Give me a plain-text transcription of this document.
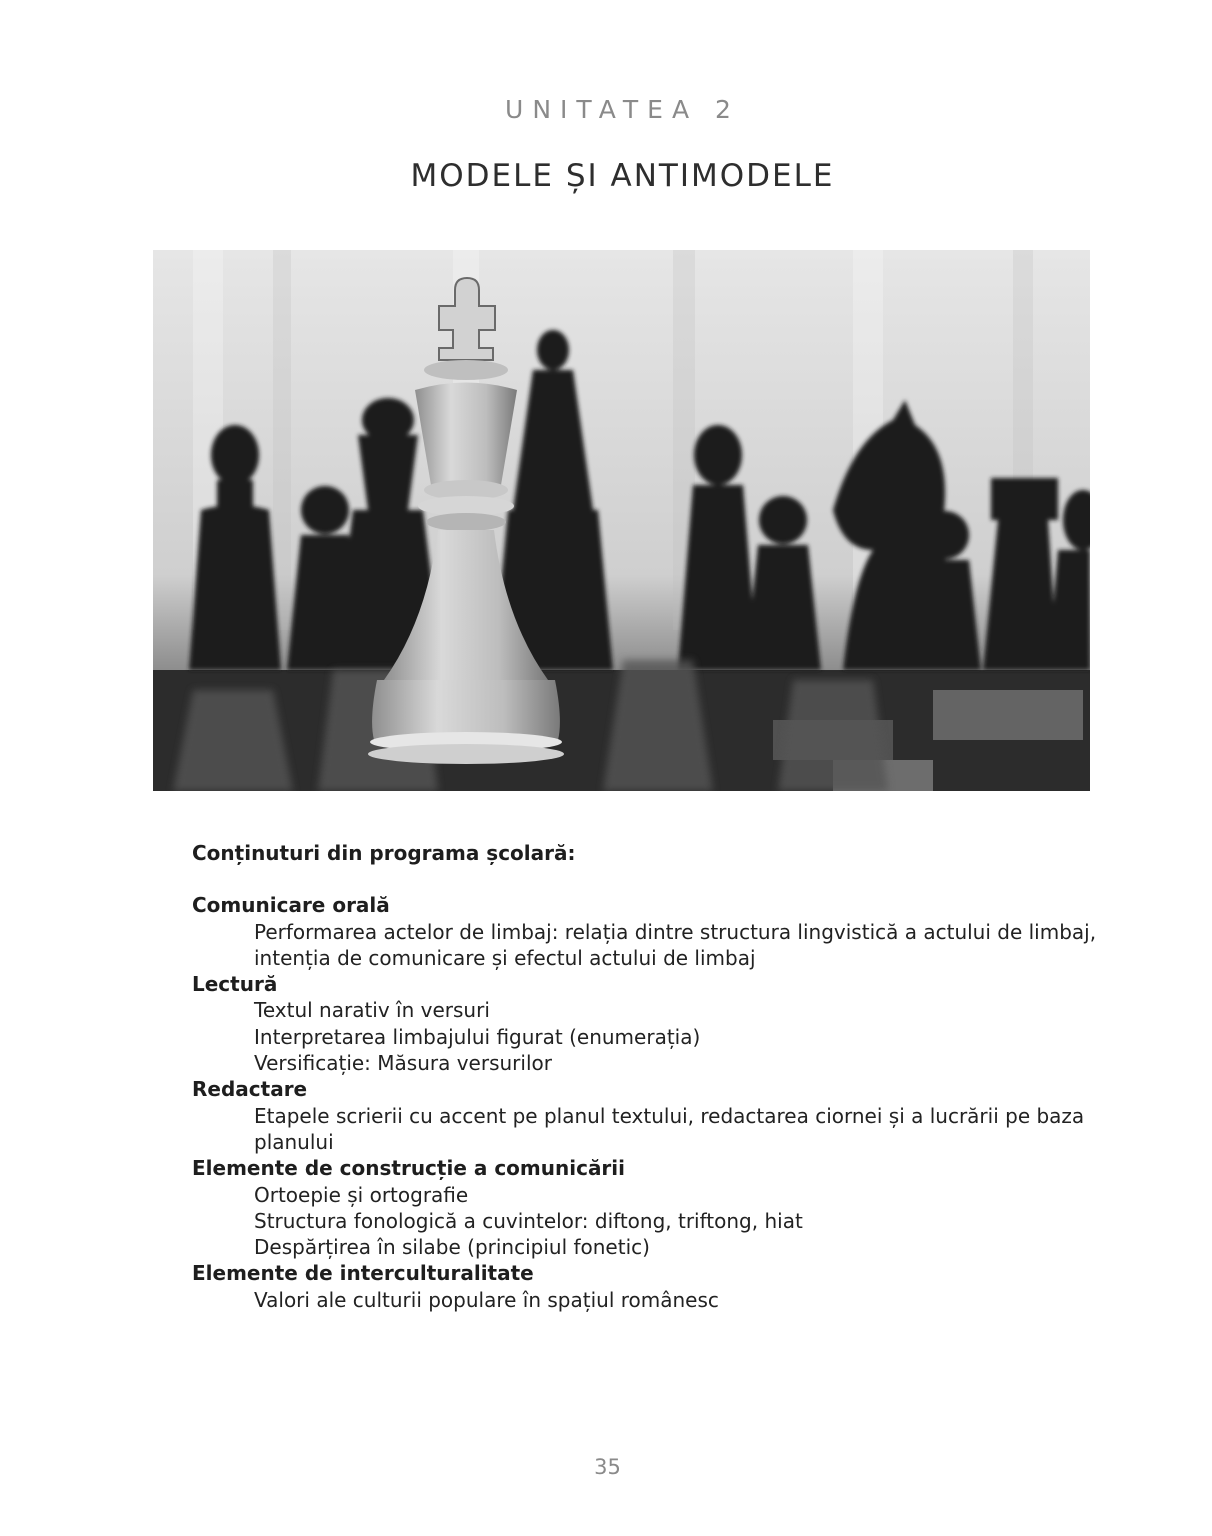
UNITATEA 2
MODELE ȘI ANTIMODELE
Conținuturi din programa școlară:
Comunicare orală
Performarea actelor de limbaj: relația dintre structura lingvistică a actului de limbaj, intenția de comunicare și efectul actului de limbaj
Lectură
Textul narativ în versuri
Interpretarea limbajului figurat (enumerația)
Versificație: Măsura versurilor
Redactare
Etapele scrierii cu accent pe planul textului, redactarea ciornei și a lucrării pe baza planului
Elemente de construcție a comunicării
Ortoepie și ortografie
Structura fonologică a cuvintelor: diftong, triftong, hiat
Despărțirea în silabe (principiul fonetic)
Elemente de interculturalitate
Valori ale culturii populare în spațiul românesc
35
